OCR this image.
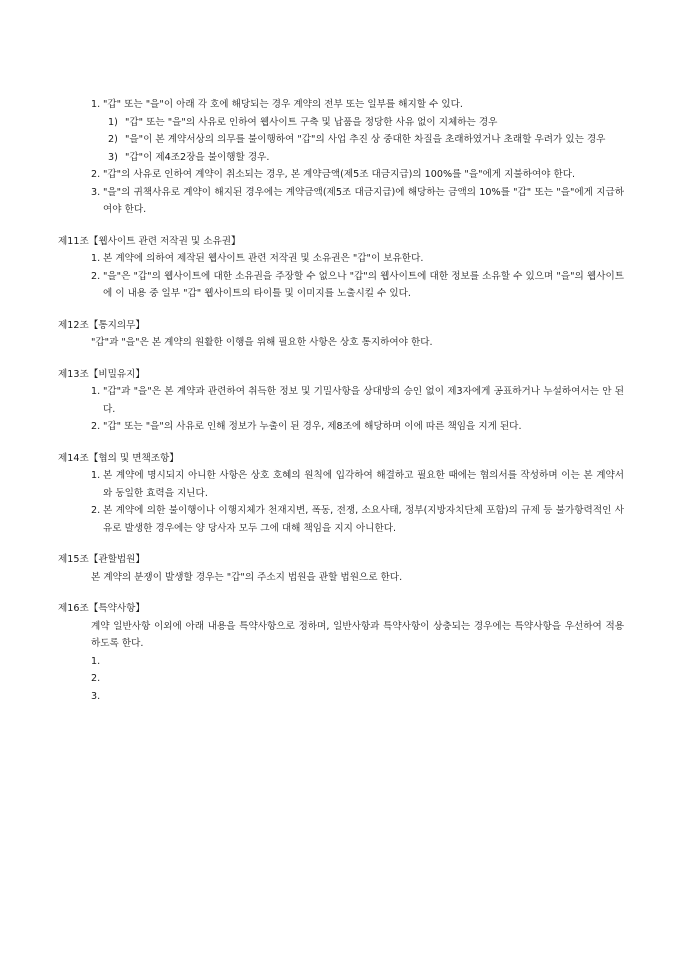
1. "갑" 또는 "을"이 아래 각 호에 해당되는 경우 계약의 전부 또는 일부를 해지할 수 있다.
1) "갑" 또는 "을"의 사유로 인하여 웹사이트 구축 및 납품을 정당한 사유 없이 지체하는 경우
2) "을"이 본 계약서상의 의무를 불이행하여 "갑"의 사업 추진 상 중대한 차질을 초래하였거나 초래할 우려가 있는 경우
3) "갑"이 제4조2장을 불이행할 경우.
2. "갑"의 사유로 인하여 계약이 취소되는 경우, 본 계약금액(제5조 대금지급)의 100%를 "을"에게 지불하여야 한다.
3. "을"의 귀책사유로 계약이 해지된 경우에는 계약금액(제5조 대금지급)에 해당하는 금액의 10%를 "갑" 또는 "을"에게 지급하여야 한다.

제11조【웹사이트 관련 저작권 및 소유권】

1. 본 계약에 의하여 제작된 웹사이트 관련 저작권 및 소유권은 "갑"이 보유한다.
2. "을"은 "갑"의 웹사이트에 대한 소유권을 주장할 수 없으나 "갑"의 웹사이트에 대한 정보를 소유할 수 있으며 "을"의 웹사이트에 이 내용 중 일부 "갑" 웹사이트의 타이틀 및 이미지를 노출시킬 수 있다.

제12조【통지의무】

"갑"과 "을"은 본 계약의 원활한 이행을 위해 필요한 사항은 상호 통지하여야 한다.

제13조【비밀유지】

1. "갑"과 "을"은 본 계약과 관련하여 취득한 정보 및 기밀사항을 상대방의 승인 없이 제3자에게 공표하거나 누설하여서는 안 된다.
2. "갑" 또는 "을"의 사유로 인해 정보가 누출이 된 경우, 제8조에 해당하며 이에 따른 책임을 지게 된다.

제14조【협의 및 면책조항】

1. 본 계약에 명시되지 아니한 사항은 상호 호혜의 원칙에 입각하여 해결하고 필요한 때에는 협의서를 작성하며 이는 본 계약서와 동일한 효력을 지닌다.
2. 본 계약에 의한 불이행이나 이행지체가 천재지변, 폭동, 전쟁, 소요사태, 정부(지방자치단체 포함)의 규제 등 불가항력적인 사유로 발생한 경우에는 양 당사자 모두 그에 대해 책임을 지지 아니한다.

제15조【관할법원】

본 계약의 분쟁이 발생할 경우는 "갑"의 주소지 법원을 관할 법원으로 한다.

제16조【특약사항】

계약 일반사항 이외에 아래 내용을 특약사항으로 정하며, 일반사항과 특약사항이 상충되는 경우에는 특약사항을 우선하여 적용하도록 한다.
1.
2.
3.
